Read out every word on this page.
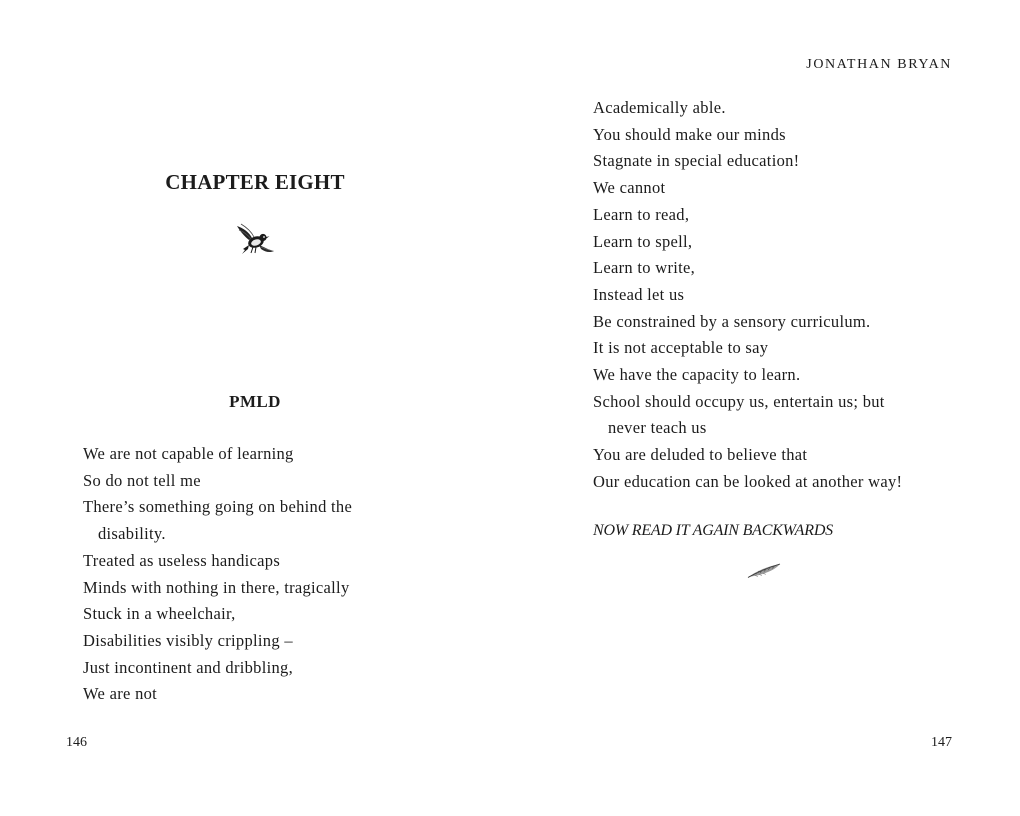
CHAPTER EIGHT
PMLD
We are not capable of learning
So do not tell me
There’s something going on behind the
disability.
Treated as useless handicaps
Minds with nothing in there, tragically
Stuck in a wheelchair,
Disabilities visibly crippling –
Just incontinent and dribbling,
We are not
146
JONATHAN BRYAN
Academically able.
You should make our minds
Stagnate in special education!
We cannot
Learn to read,
Learn to spell,
Learn to write,
Instead let us
Be constrained by a sensory curriculum.
It is not acceptable to say
We have the capacity to learn.
School should occupy us, entertain us; but
never teach us
You are deluded to believe that
Our education can be looked at another way!
NOW READ IT AGAIN BACKWARDS
147
